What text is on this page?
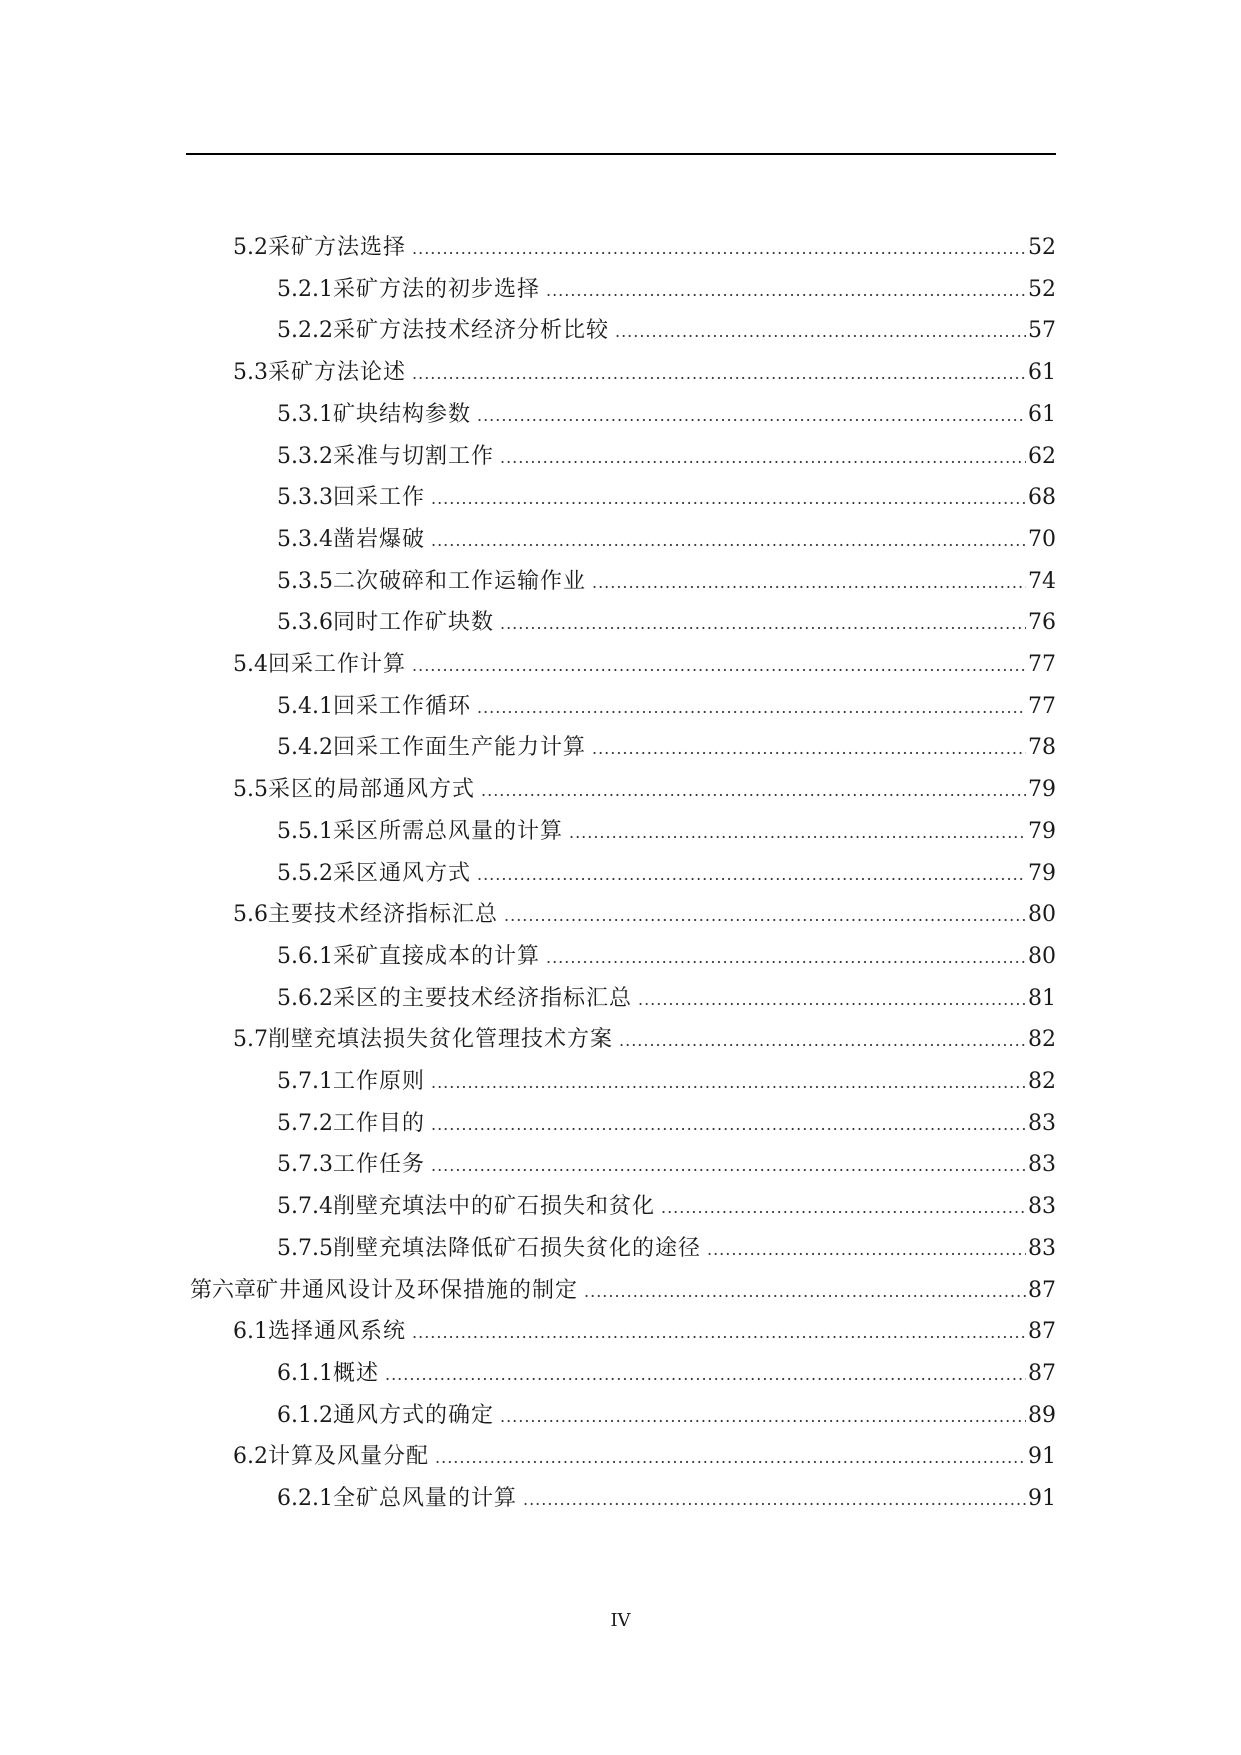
5.2 采矿方法选择 .....	52
5.2.1 采矿方法的初步选择 .....	52
5.2.2 采矿方法技术经济分析比较 .....	57
5.3 采矿方法论述 .....	61
5.3.1 矿块结构参数 .....	61
5.3.2 采准与切割工作 .....	62
5.3.3 回采工作 .....	68
5.3.4 凿岩爆破 .....	70
5.3.5 二次破碎和工作运输作业 .....	74
5.3.6 同时工作矿块数 .....	76
5.4 回采工作计算 .....	77
5.4.1 回采工作循环 .....	77
5.4.2 回采工作面生产能力计算 .....	78
5.5 采区的局部通风方式 .....	79
5.5.1 采区所需总风量的计算 .....	79
5.5.2 采区通风方式 .....	79
5.6 主要技术经济指标汇总 .....	80
5.6.1 采矿直接成本的计算 .....	80
5.6.2 采区的主要技术经济指标汇总 .....	81
5.7 削壁充填法损失贫化管理技术方案 .....	82
5.7.1 工作原则 .....	82
5.7.2 工作目的 .....	83
5.7.3 工作任务 .....	83
5.7.4 削壁充填法中的矿石损失和贫化 .....	83
5.7.5 削壁充填法降低矿石损失贫化的途径 .....	83
第六章 矿井通风设计及环保措施的制定 .....	87
6.1 选择通风系统 .....	87
6.1.1 概述 .....	87
6.1.2 通风方式的确定 .....	89
6.2 计算及风量分配 .....	91
6.2.1 全矿总风量的计算 .....	91
IV
